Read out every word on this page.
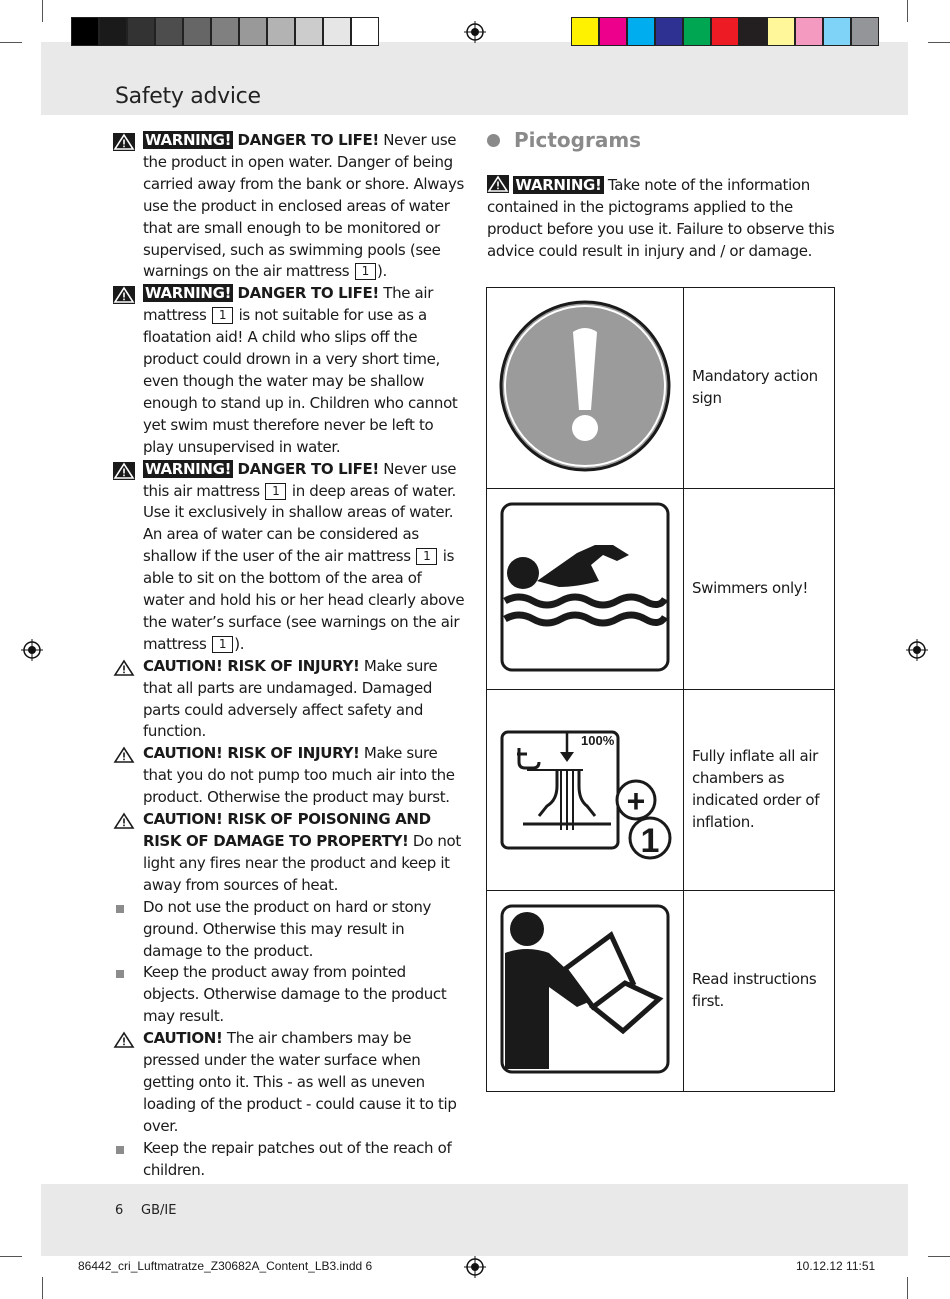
Safety advice
WARNING! DANGER TO LIFE! Never use the product in open water. Danger of being carried away from the bank or shore. Always use the product in enclosed areas of water that are small enough to be monitored or supervised, such as swimming pools (see warnings on the air mattress 1 ).
WARNING! DANGER TO LIFE! The air mattress 1 is not suitable for use as a floatation aid! A child who slips off the product could drown in a very short time, even though the water may be shallow enough to stand up in. Children who cannot yet swim must therefore never be left to play unsupervised in water.
WARNING! DANGER TO LIFE! Never use this air mattress 1 in deep areas of water. Use it exclusively in shallow areas of water. An area of water can be considered as shallow if the user of the air mattress 1 is able to sit on the bottom of the area of water and hold his or her head clearly above the water’s surface (see warnings on the air mattress 1 ).
CAUTION! RISK OF INJURY! Make sure that all parts are undamaged. Damaged parts could adversely affect safety and function.
CAUTION! RISK OF INJURY! Make sure that you do not pump too much air into the product. Otherwise the product may burst.
CAUTION! RISK OF POISONING AND RISK OF DAMAGE TO PROPERTY! Do not light any fires near the product and keep it away from sources of heat.
Do not use the product on hard or stony ground. Otherwise this may result in damage to the product.
Keep the product away from pointed objects. Otherwise damage to the product may result.
CAUTION! The air chambers may be pressed under the water surface when getting onto it. This - as well as uneven loading of the product - could cause it to tip over.
Keep the repair patches out of the reach of children.
Pictograms
WARNING! Take note of the information contained in the pictograms applied to the product before you use it. Failure to observe this advice could result in injury and / or damage.
	Mandatory action sign
	Swimmers only!

100%
+
1	Fully inflate all air chambers as indicated order of inflation.
	Read instructions first.
6 GB/IE
86442_cri_Luftmatratze_Z30682A_Content_LB3.indd 6	10.12.12 11:51
